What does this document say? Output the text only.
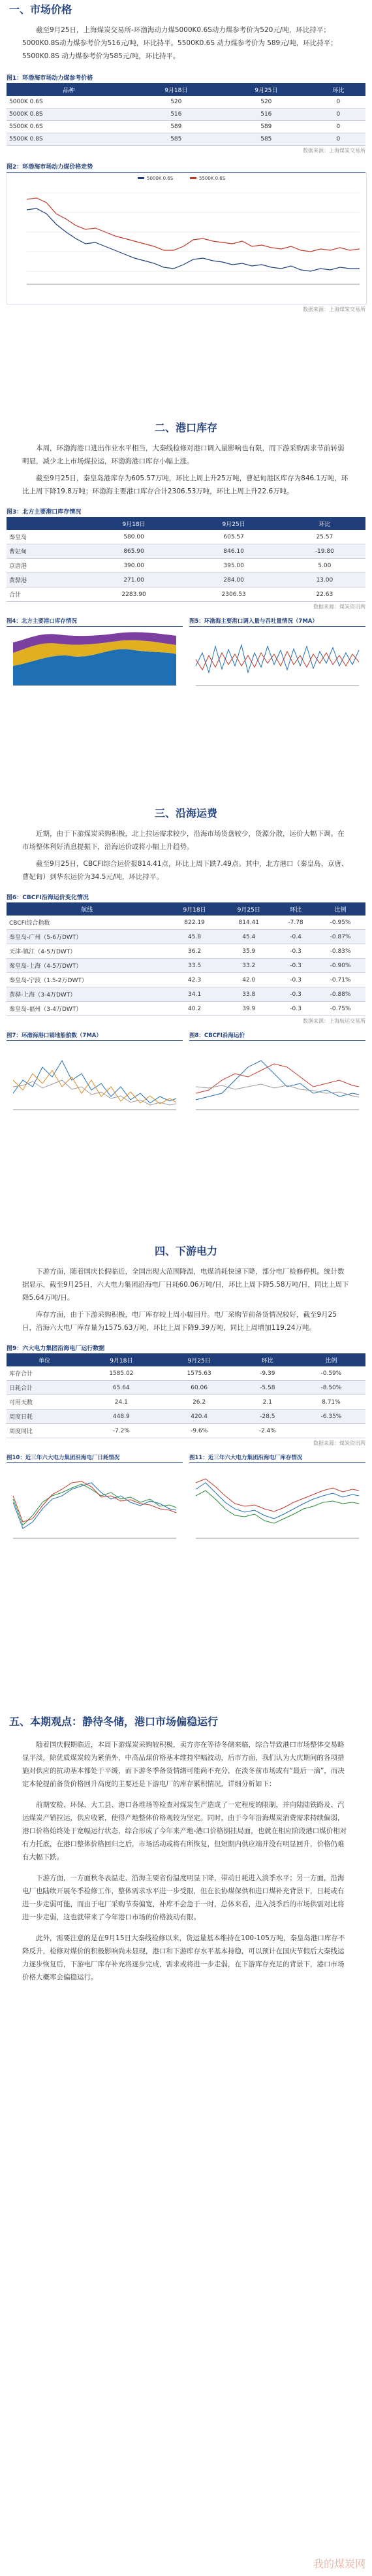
一、市场价格

截至9月25日，上海煤炭交易所-环渤海动力煤5000K0.6S动力煤参考价为520元/吨，环比持平；5000K0.8S动力煤参考价为516元/吨，环比持平。5500K0.6S 动力煤参考价为 589元/吨，环比持平；5500K0.8S 动力煤参考价为585元/吨，环比持平。

图1：环渤海市场动力煤参考价格
品种	9月18日	9月25日	环比
5000K 0.6S	520	520	0
5000K 0.8S	516	516	0
5500K 0.6S	589	589	0
5500K 0.8S	585	585	0
数据来源：上海煤炭交易所
图2：环渤海市场动力煤价格走势
5000K 0.6S	5500K 0.6S
数据来源：上海煤炭交易所
二、港口库存

本周，环渤海港口进出作业水平相当，大秦线检修对港口调入量影响也有限，而下游采购需求节前转弱明显，减少北上市场煤拉运，环渤海港口库存小幅上涨。

截至9月25日，秦皇岛港库存为605.57万吨，环比上周上升25万吨，曹妃甸港区库存为846.1万吨，环比上周下降19.8万吨；环渤海主要港口库存合计2306.53万吨，环比上周上升22.6万吨。

图3：北方主要港口库存情况
	9月18日	9月25日	环比
秦皇岛	580.00	605.57	25.57
曹妃甸	865.90	846.10	-19.80
京唐港	390.00	395.00	5.00
黄骅港	271.00	284.00	13.00
合计	2283.90	2306.53	22.63
数据来源：煤炭资讯网
图4：北方主要港口库存情况	图5：环渤海主要港口调入量与吞吐量情况（7MA）
三、沿海运费

近期，由于下游煤炭采购积极，北上拉运需求较少，沿海市场货盘较少，货源分散，运价大幅下调。在市场整体利好消息提振下，沿海运价或将小幅上升趋势。

截至9月25日，CBCFI综合运价报814.41点，环比上周下跌7.49点。其中，北方港口（秦皇岛、京唐、曹妃甸）到华东运价为34.5元/吨，环比持平。

图6：CBCFI沿海运价变化情况
航线	9月18日	9月25日	环比	比例
CBCFI综合指数	822.19	814.41	-7.78	-0.95%
秦皇岛-广州（5-6万DWT）	45.8	45.4	-0.4	-0.87%
天津-镇江（4-5万DWT）	36.2	35.9	-0.3	-0.83%
秦皇岛-上海（4-5万DWT）	33.5	33.2	-0.3	-0.90%
秦皇岛-宁波（1.5-2万DWT）	42.3	42.0	-0.3	-0.71%
黄骅-上海（3-4万DWT）	34.1	33.8	-0.3	-0.88%
秦皇岛-福州（3-4万DWT）	40.2	39.9	-0.3	-0.75%
数据来源：上海航运交易所
图7：环渤海港口锚地船舶数（7MA）	图8：CBCFI沿海运价
四、下游电力

下游方面，随着国庆长假临近，全国出现大范围降温，电煤消耗快速下降，部分电厂检修停机。统计数据显示，截至9月25日，六大电力集团沿海电厂日耗60.06万吨/日，环比上周下降5.58万吨/日，同比上周下降5.64万吨/日。

库存方面，由于下游采购积极，电厂库存较上周小幅回升。电厂采购节前备货情况较好，截至9月25日，沿海六大电厂库存量为1575.63万吨，环比上周下降9.39万吨，同比上周增加119.24万吨。

图9：六大电力集团沿海电厂运行数据
单位	9月18日	9月25日	环比	比例
库存合计	1585.02	1575.63	-9.39	-0.59%
日耗合计	65.64	60.06	-5.58	-8.50%
可用天数	24.1	26.2	2.1	8.71%
周度日耗	448.9	420.4	-28.5	-6.35%
周度同比	-7.2%	-9.6%	-2.4%	
数据来源：煤炭资讯网
图10：近三年六大电力集团沿海电厂日耗情况	图11：近三年六大电力集团沿海电厂库存情况
五、本期观点：静待冬储，港口市场偏稳运行

随着国庆假期临近，本周下游煤炭采购较积极，卖方亦在等待冬储来临，综合导致港口市场整体交易略显平淡，除优质煤炭较为紧俏外，中高品煤价格基本维持窄幅波动，后市方面，我们认为大庆期间的各项措施对供应的抗动基本都处于平缓，而下游冬季备货情绪可能尚不充分，在淡冬前市场或有“最后一滴”，而决定本轮提前备货价格回升高度的主要还是下游电厂的库存累积情况，详细分析如下：

前期安检、环保、大工县、港口各堆场等检查对煤炭生产造成了一定程度的限制，并向陆陆铁路及、汽运煤炭产销拉运，供应收紧，使得产地整体价格观较为坚定。同时，由于今年沿海煤炭消费需求持续偏弱，港口价格始终处于宽幅运行状态，综合形成了今年来产地-港口价格倒挂局面，也就在相应阶段港口煤价相对有力托底，在港口整体价格回归之后，市场活动或将有所恢复，但短期内供应端并没有明显回升，价格仍难有大幅下跌。

下游方面，一方面秋冬表温走、沿海主要省份温度明显下降，带动日耗进入淡季水平；另一方面，沿海电厂也陆续开展冬季检修工作，整体需求水平进一步受限，但在长协煤保供和进口煤补充背景下，日耗或有进一步走弱可能，而由于电厂采购节奏偏宽，补库不会急于一时，总体来看，进入淡季后的市场供需对比将进一步走弱，这也就带来了今年港口市场的价格波动有限。

此外，需要注意的是在9月15日大秦线检修以来，货运量基本维持在100-105万吨，秦皇岛港口库存不降反升，检修对煤价的积极影响尚未显现，港口和下游库存水平基本持稳，可以预计在国庆节假后大秦线运力逐步恢复后，下游电厂库存补充将逐步完成，需求或将进一步走弱，在下游库存充足的背景下，港口市场价格大概率会偏稳运行。

我的煤炭网
